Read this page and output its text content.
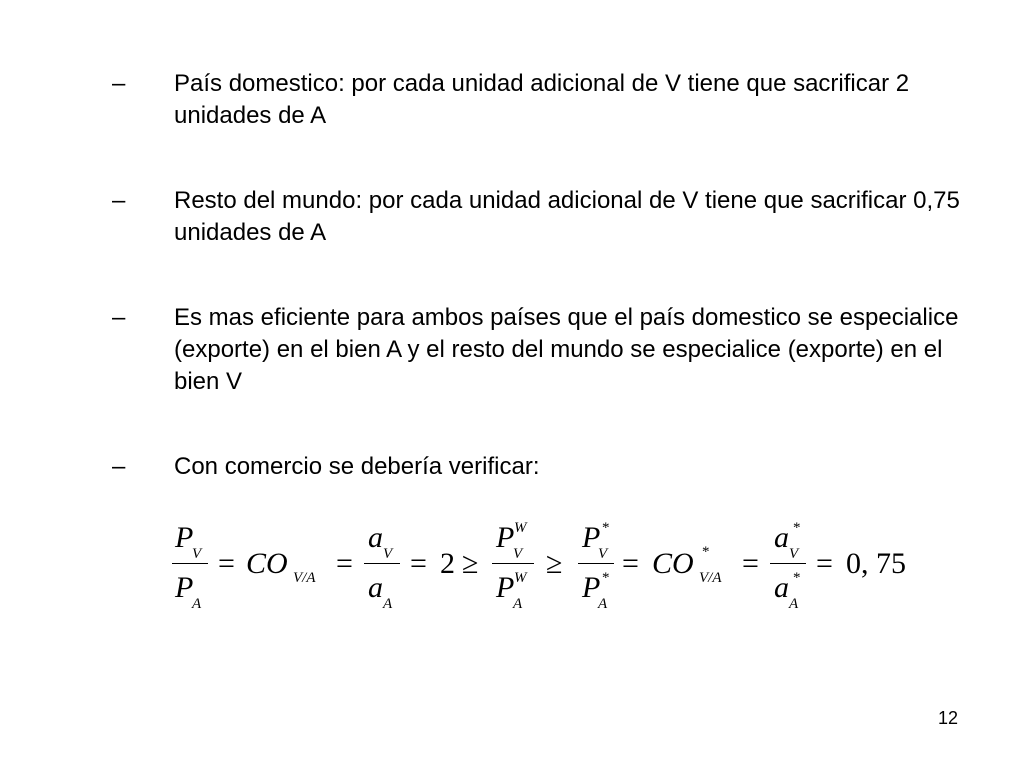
–	País domestico: por cada unidad adicional de V tiene que sacrificar 2 unidades de A
–	Resto del mundo: por cada unidad adicional de V tiene que sacrificar 0,75 unidades de A
–	Es mas eficiente para ambos países que el país domestico se especialice (exporte) en el bien A y el resto del mundo se especialice (exporte) en el bien V
–	Con comercio se debería verificar:
P
V
P
A
= CO V/A =
a V
a A
= 2 ≥
P W
V
P W
A
≥
P *
V
P *
A
= CO *
V/A =
a *
V
a *
A
= 0, 75
12
